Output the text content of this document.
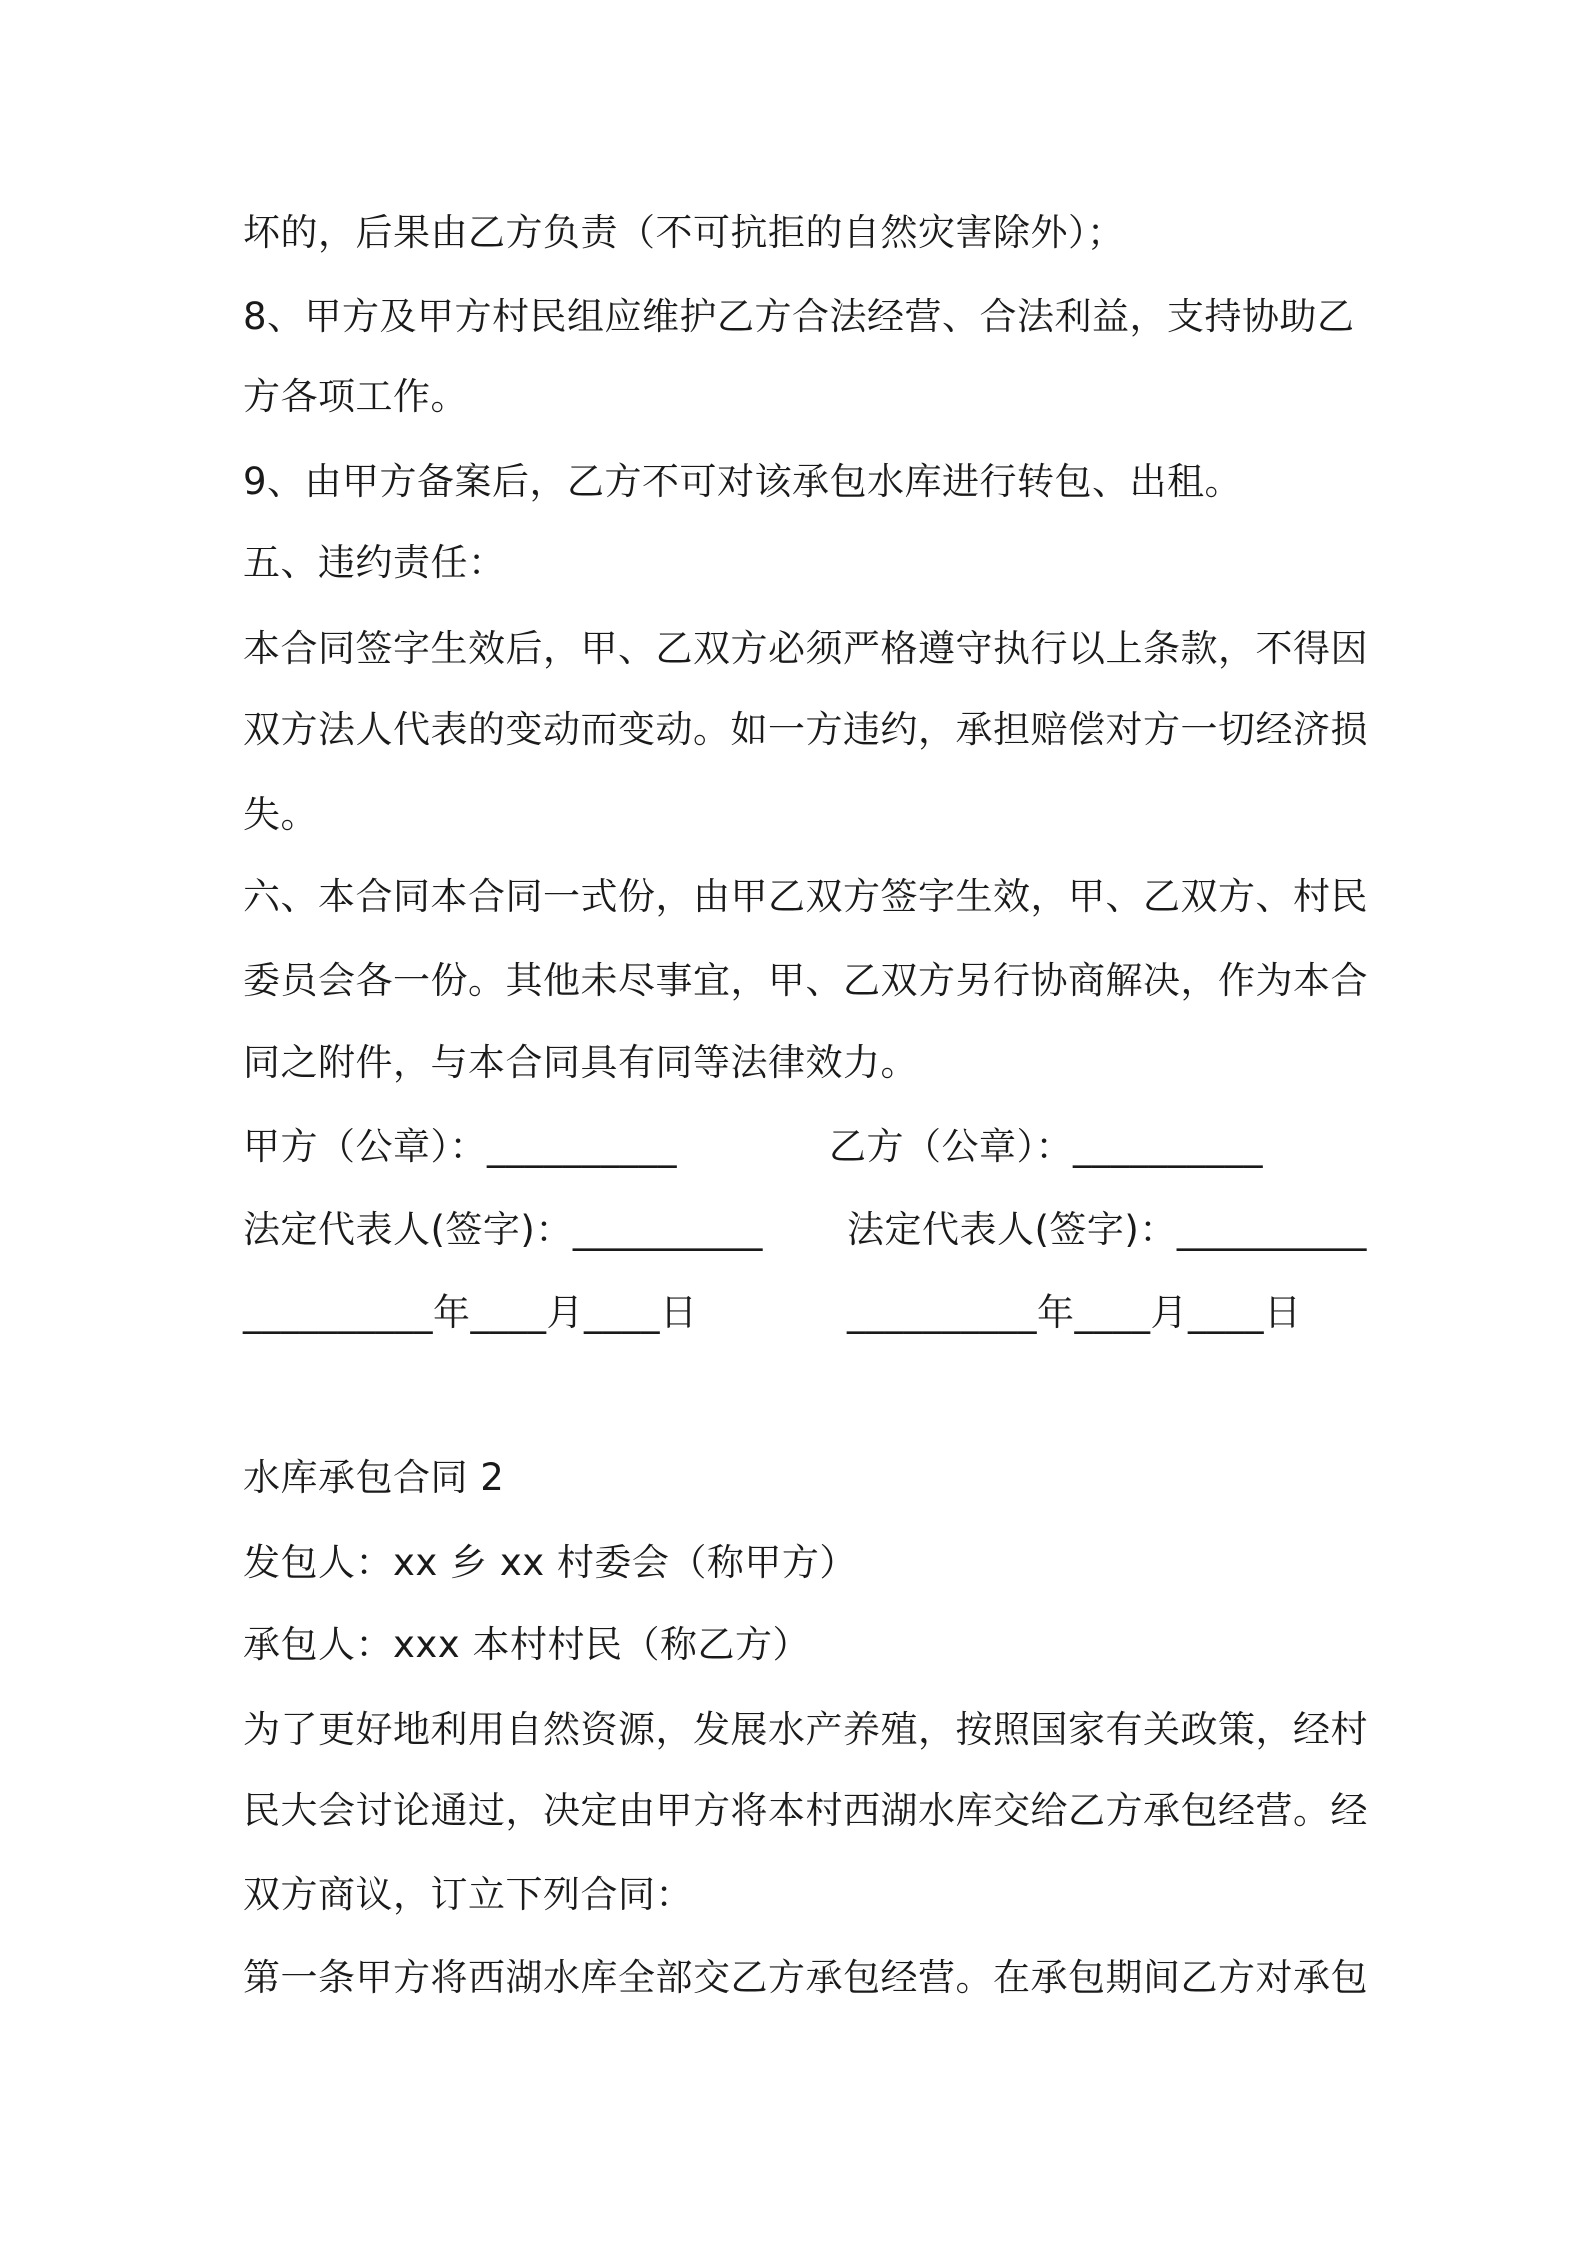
坏的，后果由乙方负责（不可抗拒的自然灾害除外）；
8、甲方及甲方村民组应维护乙方合法经营、合法利益，支持协助乙
方各项工作。
9、由甲方备案后，乙方不可对该承包水库进行转包、出租。
五、违约责任：
本合同签字生效后，甲、乙双方必须严格遵守执行以上条款，不得因
双方法人代表的变动而变动。如一方违约，承担赔偿对方一切经济损
失。
六、本合同本合同一式份，由甲乙双方签字生效，甲、乙双方、村民
委员会各一份。其他未尽事宜，甲、乙双方另行协商解决，作为本合
同之附件，与本合同具有同等法律效力。
甲方（公章）：__________	乙方（公章）：__________
法定代表人(签字)：__________ 法定代表人(签字)：__________
__________年____月____日	__________年____月____日
水库承包合同 2
发包人：xx 乡 xx 村委会（称甲方）
承包人：xxx 本村村民（称乙方）
为了更好地利用自然资源，发展水产养殖，按照国家有关政策，经村
民大会讨论通过，决定由甲方将本村西湖水库交给乙方承包经营。经
双方商议，订立下列合同：
第一条甲方将西湖水库全部交乙方承包经营。在承包期间乙方对承包
